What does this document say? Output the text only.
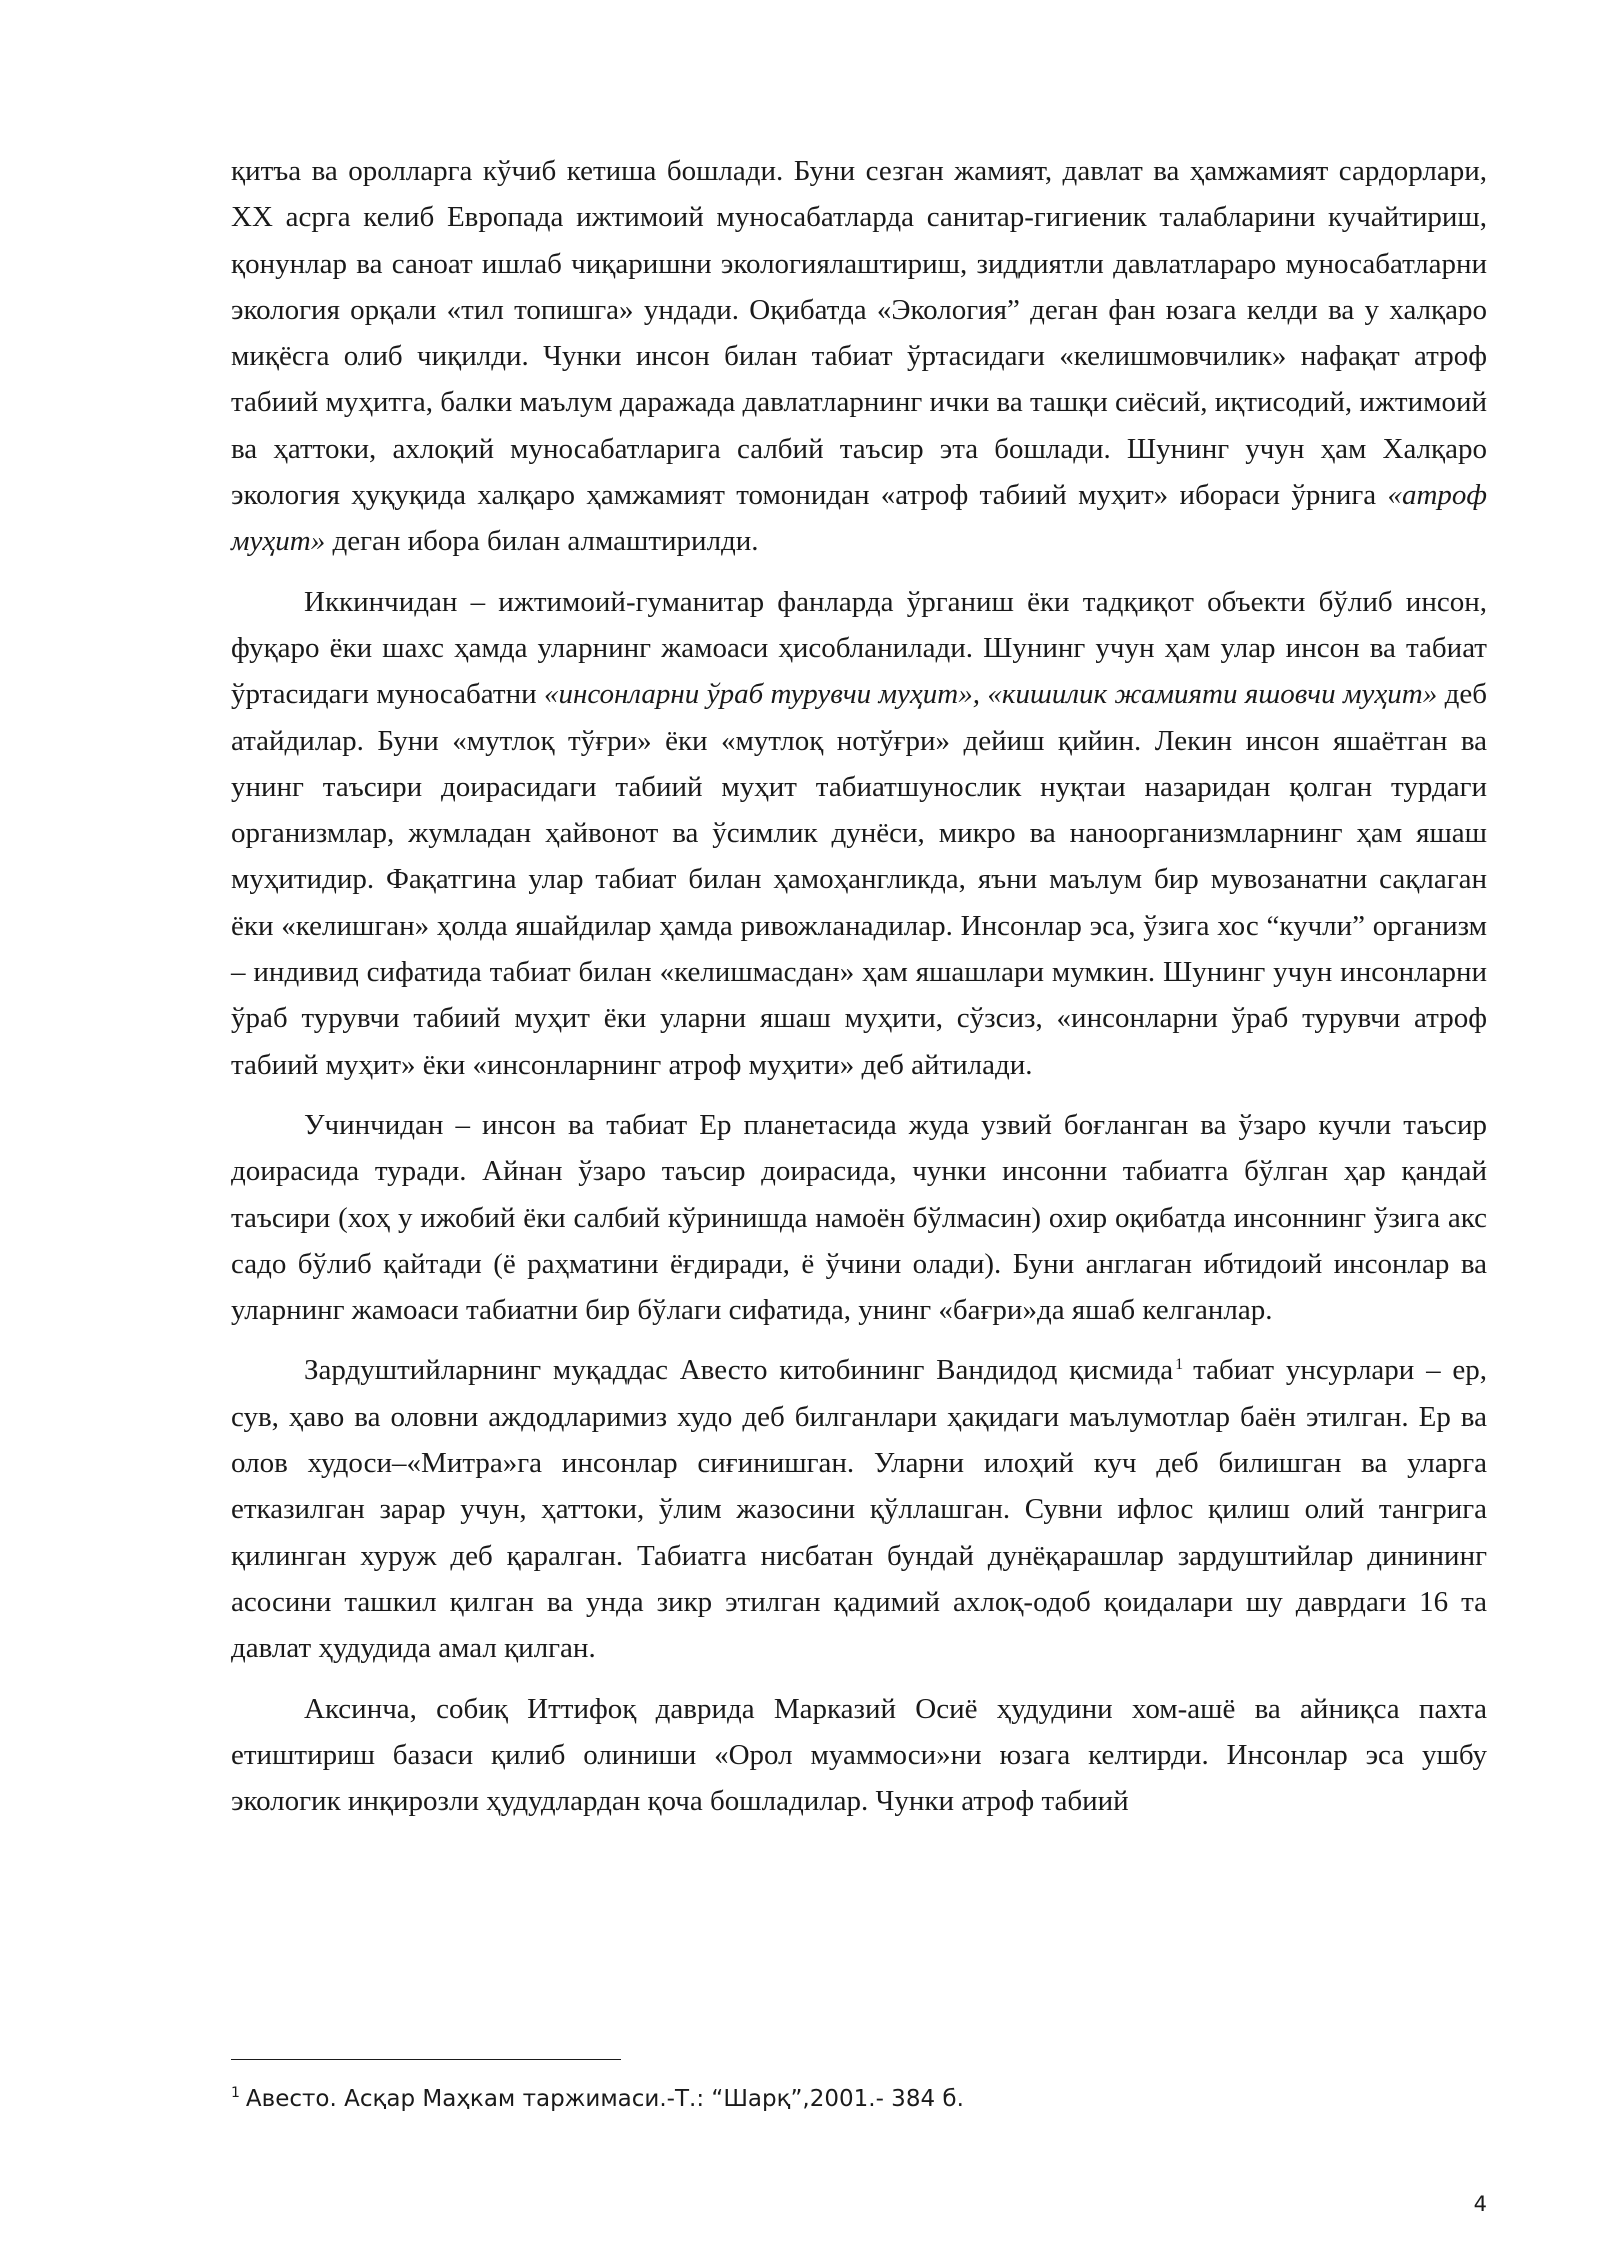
қитъа ва оролларга кўчиб кетиша бошлади. Буни сезган жамият, давлат ва ҳамжамият сардорлари, ХХ асрга келиб Европада ижтимоий муносабатларда санитар-гигиеник талабларини кучайтириш, қонунлар ва саноат ишлаб чиқаришни экологиялаштириш, зиддиятли давлатлараро муносабатларни экология орқали «тил топишга» ундади. Оқибатда «Экология” деган фан юзага келди ва у халқаро миқёсга олиб чиқилди. Чунки инсон билан табиат ўртасидаги «келишмовчилик» нафақат атроф табиий муҳитга, балки маълум даражада давлатларнинг ички ва ташқи сиёсий, иқтисодий, ижтимоий ва ҳаттоки, ахлоқий муносабатларига салбий таъсир эта бошлади. Шунинг учун ҳам Халқаро экология ҳуқуқида халқаро ҳамжамият томонидан «атроф табиий муҳит» ибораси ўрнига «атроф муҳит» деган ибора билан алмаштирилди.

Иккинчидан – ижтимоий-гуманитар фанларда ўрганиш ёки тадқиқот объекти бўлиб инсон, фуқаро ёки шахс ҳамда уларнинг жамоаси ҳисобланилади. Шунинг учун ҳам улар инсон ва табиат ўртасидаги муносабатни «инсонларни ўраб турувчи муҳит», «кишилик жамияти яшовчи муҳит» деб атайдилар. Буни «мутлоқ тўғри» ёки «мутлоқ нотўғри» дейиш қийин. Лекин инсон яшаётган ва унинг таъсири доирасидаги табиий муҳит табиатшунослик нуқтаи назаридан қолган турдаги организмлар, жумладан ҳайвонот ва ўсимлик дунёси, микро ва наноорганизмларнинг ҳам яшаш муҳитидир. Фақатгина улар табиат билан ҳамоҳангликда, яъни маълум бир мувозанатни сақлаган ёки «келишган» ҳолда яшайдилар ҳамда ривожланадилар. Инсонлар эса, ўзига хос “кучли” организм – индивид сифатида табиат билан «келишмасдан» ҳам яшашлари мумкин. Шунинг учун инсонларни ўраб турувчи табиий муҳит ёки уларни яшаш муҳити, сўзсиз, «инсонларни ўраб турувчи атроф табиий муҳит» ёки «инсонларнинг атроф муҳити» деб айтилади.

Учинчидан – инсон ва табиат Ер планетасида жуда узвий боғланган ва ўзаро кучли таъсир доирасида туради. Айнан ўзаро таъсир доирасида, чунки инсонни табиатга бўлган ҳар қандай таъсири (хоҳ у ижобий ёки салбий кўринишда намоён бўлмасин) охир оқибатда инсоннинг ўзига акс садо бўлиб қайтади (ё раҳматини ёғдиради, ё ўчини олади). Буни англаган ибтидоий инсонлар ва уларнинг жамоаси табиатни бир бўлаги сифатида, унинг «бағри»да яшаб келганлар.

Зардуштийларнинг муқаддас Авесто китобининг Вандидод қисмида $^1$ табиат унсурлари – ер, сув, ҳаво ва оловни аждодларимиз худо деб билганлари ҳақидаги маълумотлар баён этилган. Ер ва олов худоси–«Митра»га инсонлар сиғинишган. Уларни илоҳий куч деб билишган ва уларга етказилган зарар учун, ҳаттоки, ўлим жазосини қўллашган. Сувни ифлос қилиш олий тангрига қилинган хуруж деб қаралган. Табиатга нисбатан бундай дунёқарашлар зардуштийлар динининг асосини ташкил қилган ва унда зикр этилган қадимий ахлоқ-одоб қоидалари шу даврдаги 16 та давлат ҳудудида амал қилган.

Аксинча, собиқ Иттифоқ даврида Марказий Осиё ҳудудини хом-ашё ва айниқса пахта етиштириш базаси қилиб олиниши «Орол муаммоси»ни юзага келтирди. Инсонлар эса ушбу экологик инқирозли ҳудудлардан қоча бошладилар. Чунки атроф табиий

$^1$ Авесто. Асқар Маҳкам таржимаси.-Т.: “Шарқ”,2001.- 384 б.
4
